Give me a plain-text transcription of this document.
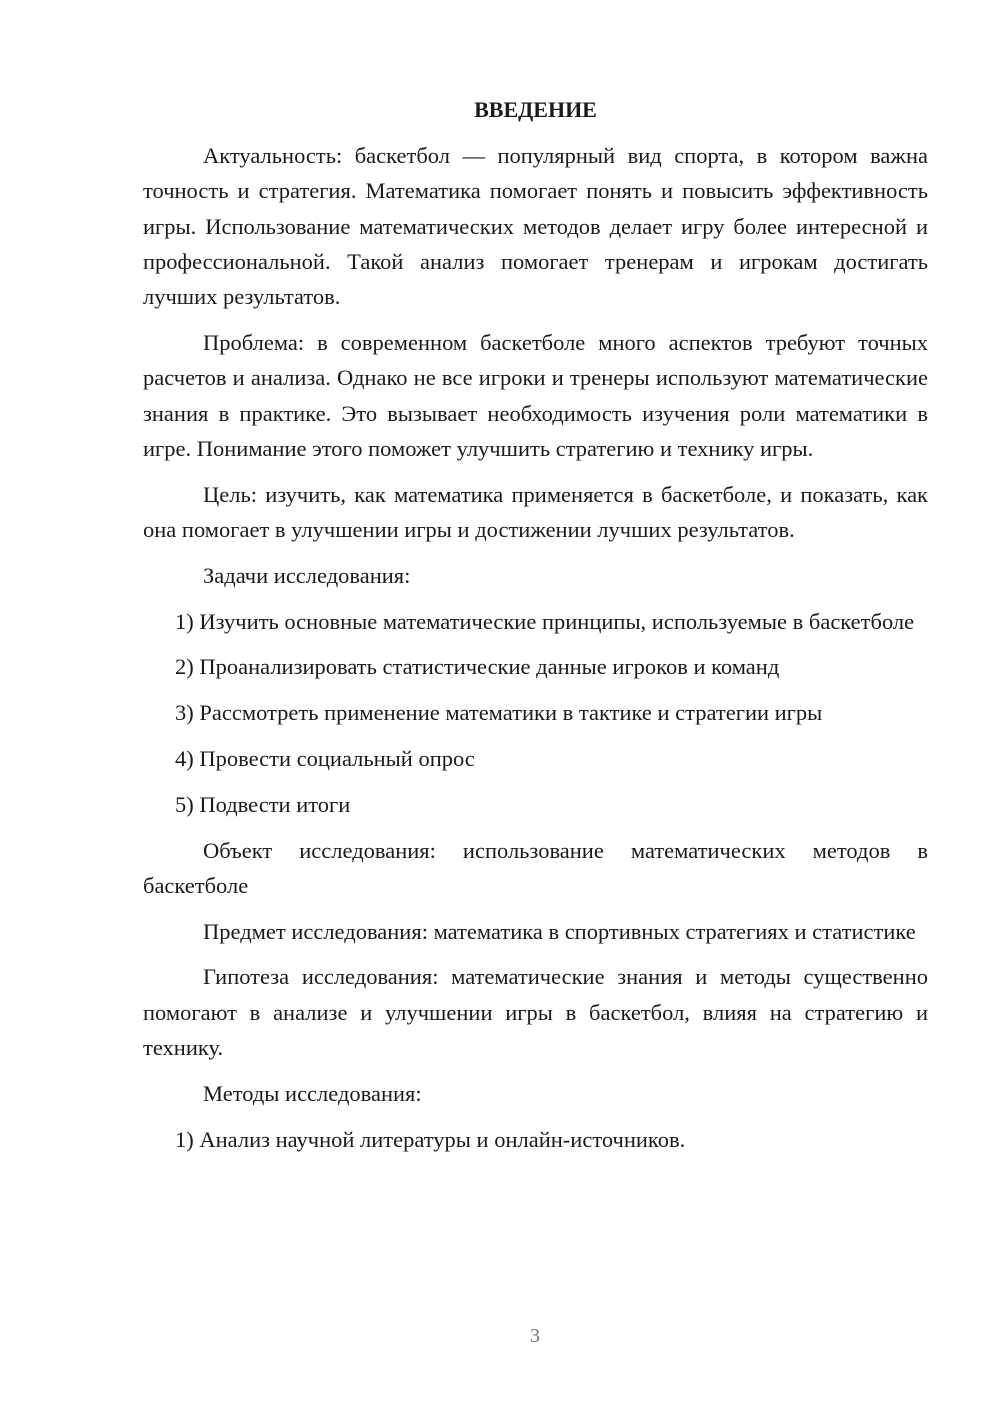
ВВЕДЕНИЕ

Актуальность: баскетбол — популярный вид спорта, в котором важна точность и стратегия. Математика помогает понять и повысить эффективность игры. Использование математических методов делает игру более интересной и профессиональной. Такой анализ помогает тренерам и игрокам достигать лучших результатов.

Проблема: в современном баскетболе много аспектов требуют точных расчетов и анализа. Однако не все игроки и тренеры используют математические знания в практике. Это вызывает необходимость изучения роли математики в игре. Понимание этого поможет улучшить стратегию и технику игры.

Цель: изучить, как математика применяется в баскетболе, и показать, как она помогает в улучшении игры и достижении лучших результатов.

Задачи исследования:

1) Изучить основные математические принципы, используемые в баскетболе

2) Проанализировать статистические данные игроков и команд

3) Рассмотреть применение математики в тактике и стратегии игры

4) Провести социальный опрос

5) Подвести итоги

Объект исследования: использование математических методов в баскетболе

Предмет исследования: математика в спортивных стратегиях и статистике

Гипотеза исследования: математические знания и методы существенно помогают в анализе и улучшении игры в баскетбол, влияя на стратегию и технику.

Методы исследования:

1) Анализ научной литературы и онлайн-источников.

3
